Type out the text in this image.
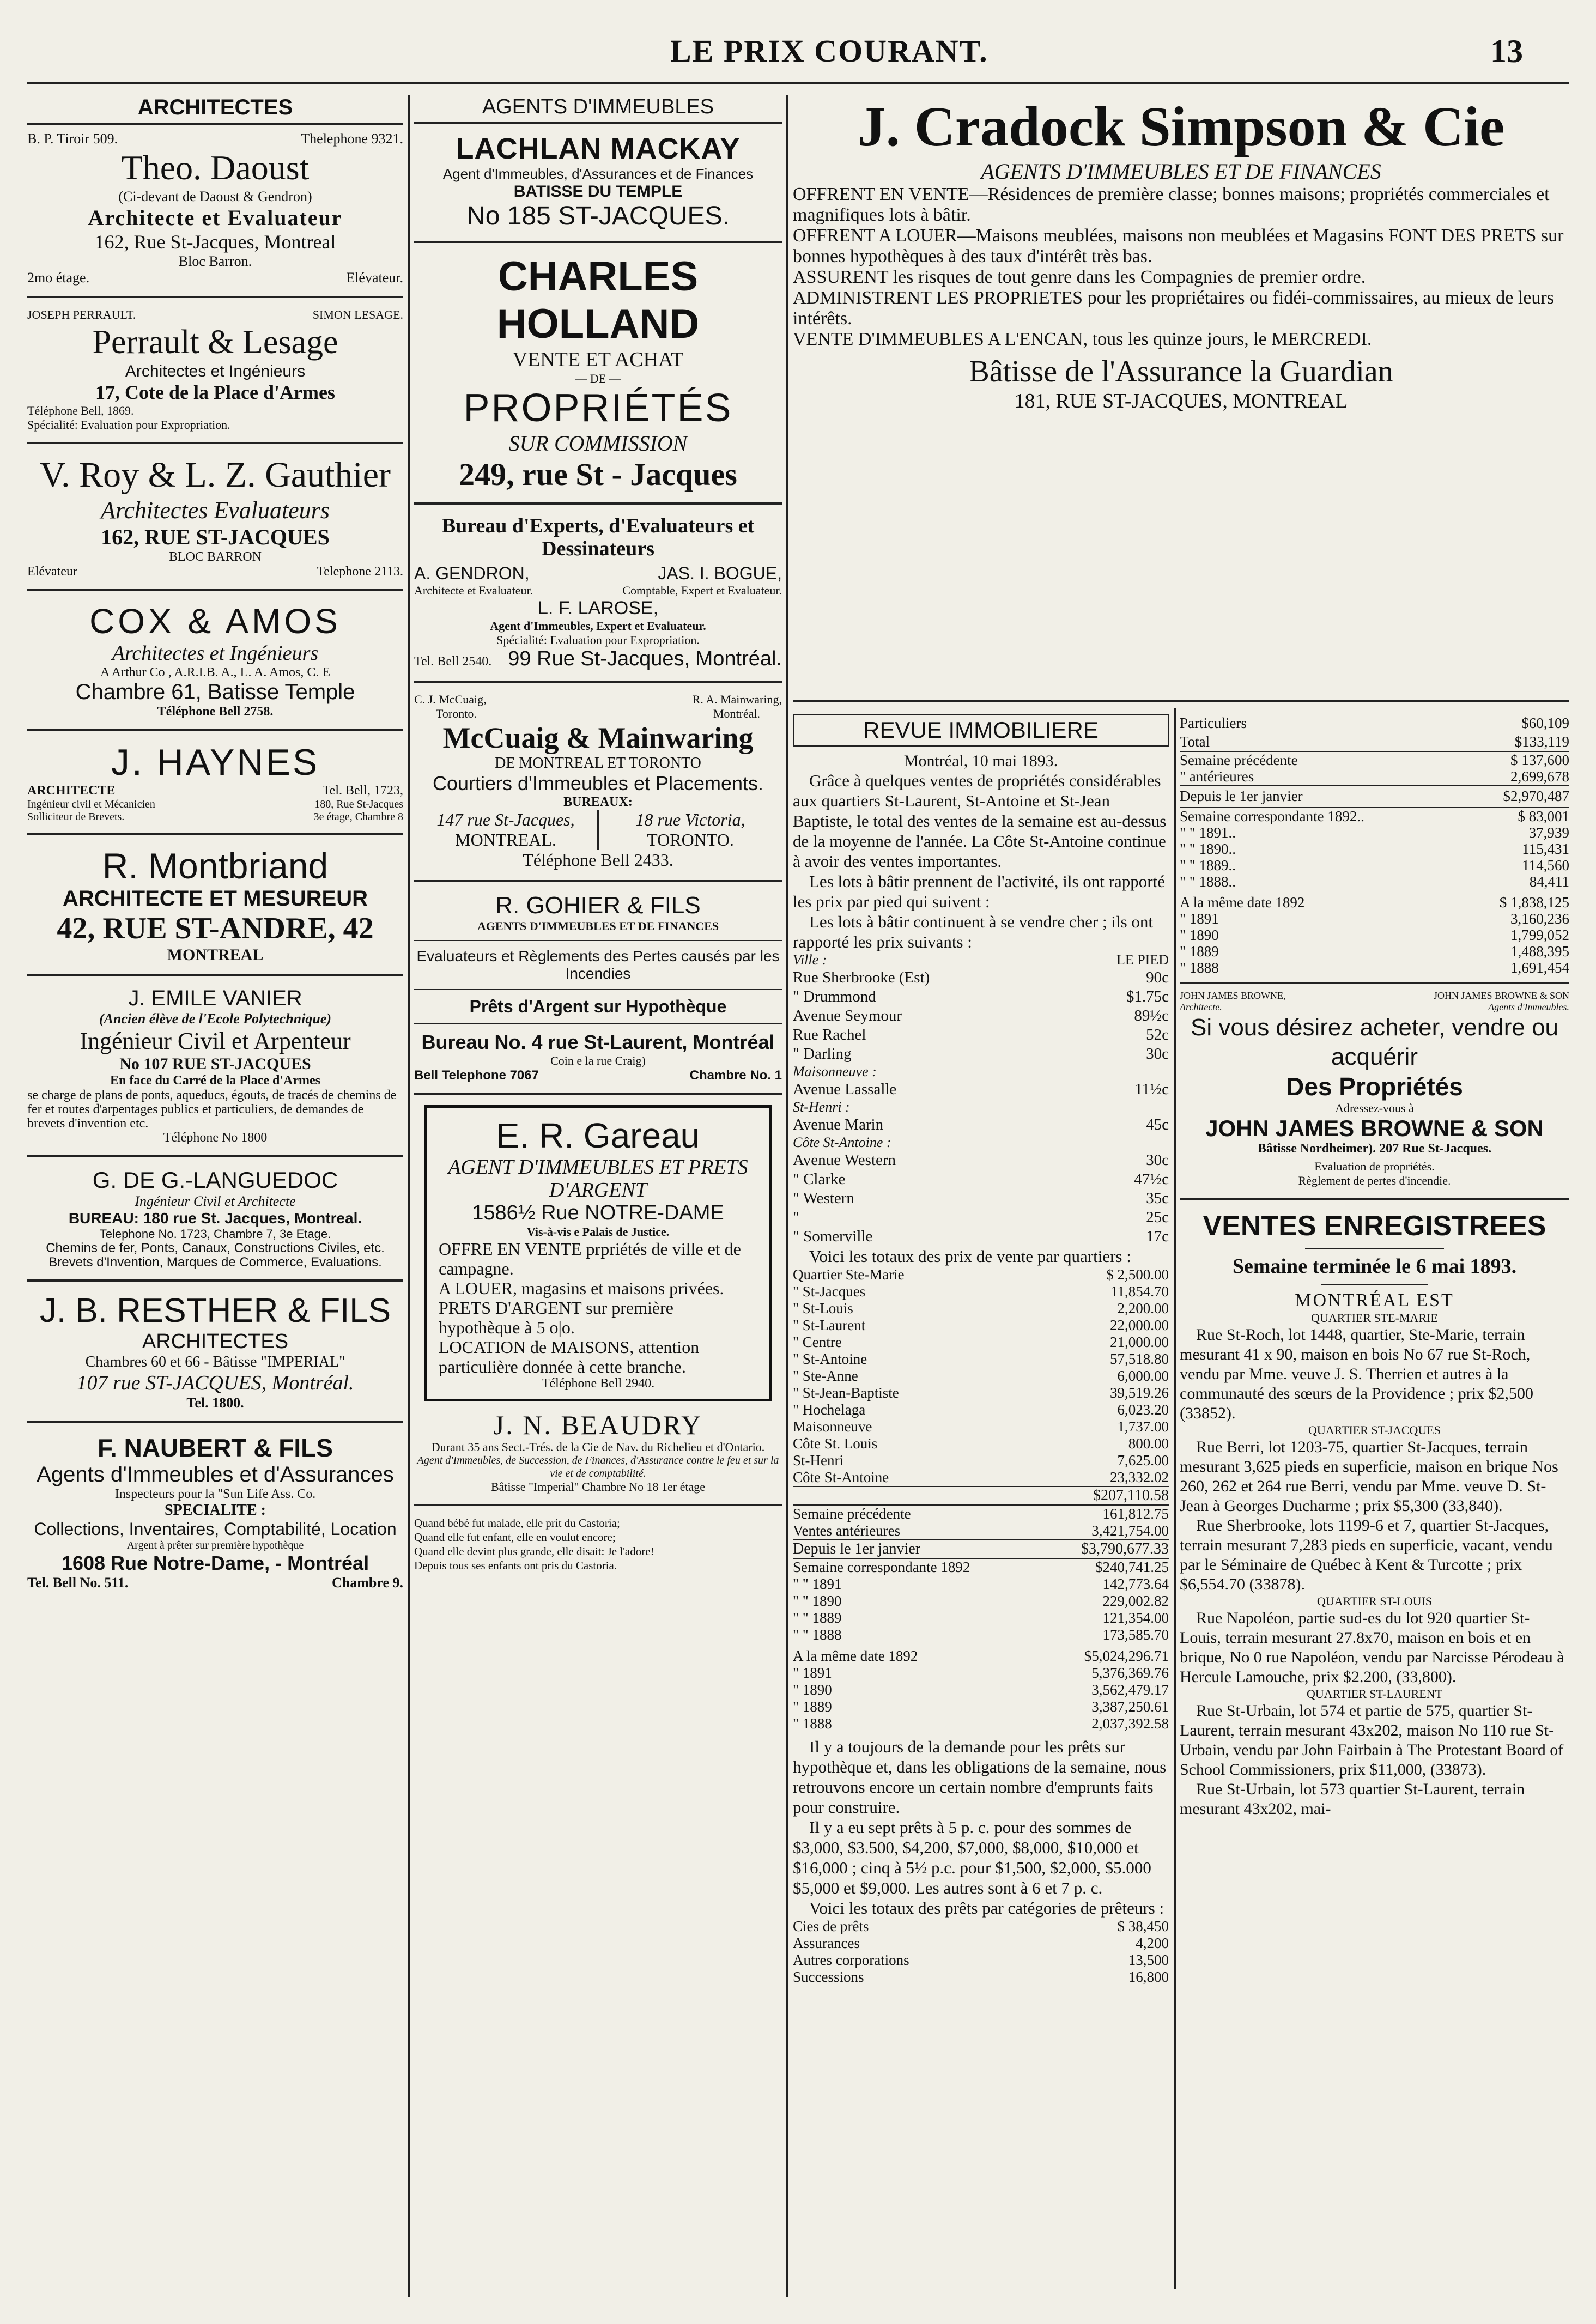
LE PRIX COURANT.	13
ARCHITECTES
B. P. Tiroir 509.	Thelephone 9321.
Theo. Daoust
(Ci-devant de Daoust & Gendron)
Architecte et Evaluateur
162, Rue St-Jacques, Montreal
Bloc Barron.
2mo étage.	Elévateur.
JOSEPH PERRAULT.	SIMON LESAGE.
Perrault & Lesage
Architectes et Ingénieurs
17, Cote de la Place d'Armes
Téléphone Bell, 1869.
Spécialité: Evaluation pour Expropriation.
V. Roy & L. Z. Gauthier
Architectes Evaluateurs
162, RUE ST-JACQUES
BLOC BARRON
Elévateur	Telephone 2113.
COX & AMOS
Architectes et Ingénieurs
A Arthur Co , A.R.I.B. A., L. A. Amos, C. E
Chambre 61, Batisse Temple
Téléphone Bell 2758.
J. HAYNES
ARCHITECTE	Tel. Bell, 1723,
Ingénieur civil et Mécanicien	180, Rue St-Jacques
Solliciteur de Brevets.	3e étage, Chambre 8
R. Montbriand
ARCHITECTE ET MESUREUR
42, RUE ST-ANDRE, 42
MONTREAL
J. EMILE VANIER
(Ancien élève de l'Ecole Polytechnique)
Ingénieur Civil et Arpenteur
No 107 RUE ST-JACQUES
En face du Carré de la Place d'Armes
se charge de plans de ponts, aqueducs, égouts, de tracés de chemins de fer et routes d'arpentages publics et particuliers, de demandes de brevets d'invention etc.
Téléphone No 1800
G. DE G.-LANGUEDOC
Ingénieur Civil et Architecte
BUREAU: 180 rue St. Jacques, Montreal.
Telephone No. 1723, Chambre 7, 3e Etage.
Chemins de fer, Ponts, Canaux, Constructions Civiles, etc. Brevets d'Invention, Marques de Commerce, Evaluations.
J. B. RESTHER & FILS
ARCHITECTES
Chambres 60 et 66 - Bâtisse "IMPERIAL"
107 rue ST-JACQUES, Montréal.
Tel. 1800.
F. NAUBERT & FILS
Agents d'Immeubles et d'Assurances
Inspecteurs pour la "Sun Life Ass. Co.
SPECIALITE :
Collections, Inventaires, Comptabilité, Location
Argent à prêter sur première hypothèque
1608 Rue Notre-Dame, - Montréal
Tel. Bell No. 511.	Chambre 9.
AGENTS D'IMMEUBLES
LACHLAN MACKAY
Agent d'Immeubles, d'Assurances et de Finances
BATISSE DU TEMPLE
No 185 ST-JACQUES.
CHARLES HOLLAND
VENTE ET ACHAT
— DE —
PROPRIÉTÉS
SUR COMMISSION
249, rue St - Jacques
Bureau d'Experts, d'Evaluateurs et Dessinateurs
A. GENDRON,	JAS. I. BOGUE,
Architecte et Evaluateur.	Comptable, Expert et Evaluateur.
L. F. LAROSE,
Agent d'Immeubles, Expert et Evaluateur.
Spécialité: Evaluation pour Expropriation.
Tel. Bell 2540. 99 Rue St-Jacques, Montréal.
C. J. McCuaig,	R. A. Mainwaring,
Toronto.	Montréal.
McCuaig & Mainwaring
DE MONTREAL ET TORONTO
Courtiers d'Immeubles et Placements.
BUREAUX:
147 rue St-Jacques,
MONTREAL.
18 rue Victoria,
TORONTO.
Téléphone Bell 2433.
R. GOHIER & FILS
AGENTS D'IMMEUBLES ET DE FINANCES
Evaluateurs et Règlements des Pertes causés par les Incendies
Prêts d'Argent sur Hypothèque
Bureau No. 4 rue St-Laurent, Montréal
Coin e la rue Craig)
Bell Telephone 7067	Chambre No. 1
E. R. Gareau
AGENT D'IMMEUBLES ET PRETS D'ARGENT
1586½ Rue NOTRE-DAME
Vis-à-vis e Palais de Justice.
OFFRE EN VENTE prpriétés de ville et de campagne.
A LOUER, magasins et maisons privées.
PRETS D'ARGENT sur première hypothèque à 5 o|o.
LOCATION de MAISONS, attention particulière donnée à cette branche.
Téléphone Bell 2940.
J. N. BEAUDRY
Durant 35 ans Sect.-Trés. de la Cie de Nav. du Richelieu et d'Ontario.
Agent d'Immeubles, de Succession, de Finances, d'Assurance contre le feu et sur la vie et de comptabilité.
Bâtisse "Imperial" Chambre No 18 1er étage
Quand bébé fut malade, elle prit du Castoria;
Quand elle fut enfant, elle en voulut encore;
Quand elle devint plus grande, elle disait: Je l'adore!
Depuis tous ses enfants ont pris du Castoria.
J. Cradock Simpson & Cie
AGENTS D'IMMEUBLES ET DE FINANCES
OFFRENT EN VENTE—Résidences de première classe; bonnes maisons; propriétés commerciales et magnifiques lots à bâtir.
OFFRENT A LOUER—Maisons meublées, maisons non meublées et Magasins FONT DES PRETS sur bonnes hypothèques à des taux d'intérêt très bas.
ASSURENT les risques de tout genre dans les Compagnies de premier ordre.
ADMINISTRENT LES PROPRIETES pour les propriétaires ou fidéi-commissaires, au mieux de leurs intérêts.
VENTE D'IMMEUBLES A L'ENCAN, tous les quinze jours, le MERCREDI.
Bâtisse de l'Assurance la Guardian
181, RUE ST-JACQUES, MONTREAL
REVUE IMMOBILIERE
Montréal, 10 mai 1893.

Grâce à quelques ventes de propriétés considérables aux quartiers St-Laurent, St-Antoine et St-Jean Baptiste, le total des ventes de la semaine est au-dessus de la moyenne de l'année. La Côte St-Antoine continue à avoir des ventes importantes.

Les lots à bâtir prennent de l'activité, ils ont rapporté les prix par pied qui suivent :

Les lots à bâtir continuent à se vendre cher ; ils ont rapporté les prix suivants :

Ville :	LE PIED
Rue Sherbrooke (Est)	90c
" Drummond	$1.75c
Avenue Seymour	89½c
Rue Rachel	52c
" Darling	30c
Maisonneuve :
Avenue Lassalle	11½c
St-Henri :
Avenue Marin	45c
Côte St-Antoine :
Avenue Western	30c
" Clarke	47½c
" Western	35c
"	25c
" Somerville	17c

Voici les totaux des prix de vente par quartiers :

Quartier Ste-Marie	$ 2,500.00
" St-Jacques	11,854.70
" St-Louis	2,200.00
" St-Laurent	22,000.00
" Centre	21,000.00
" St-Antoine	57,518.80
" Ste-Anne	6,000.00
" St-Jean-Baptiste	39,519.26
" Hochelaga	6,023.20
Maisonneuve	1,737.00
Côte St. Louis	800.00
St-Henri	7,625.00
Côte St-Antoine	23,332.02
$207,110.58
Semaine précédente	161,812.75
Ventes antérieures	3,421,754.00
Depuis le 1er janvier	$3,790,677.33
Semaine correspondante 1892	$240,741.25
" " 1891	142,773.64
" " 1890	229,002.82
" " 1889	121,354.00
" " 1888	173,585.70
A la même date 1892	$5,024,296.71
" 1891	5,376,369.76
" 1890	3,562,479.17
" 1889	3,387,250.61
" 1888	2,037,392.58

Il y a toujours de la demande pour les prêts sur hypothèque et, dans les obligations de la semaine, nous retrouvons encore un certain nombre d'emprunts faits pour construire.

Il y a eu sept prêts à 5 p. c. pour des sommes de $3,000, $3.500, $4,200, $7,000, $8,000, $10,000 et $16,000 ; cinq à 5½ p.c. pour $1,500, $2,000, $5.000 $5,000 et $9,000. Les autres sont à 6 et 7 p. c.

Voici les totaux des prêts par catégories de prêteurs :

Cies de prêts	$ 38,450
Assurances	4,200
Autres corporations	13,500
Successions	16,800
Particuliers	$60,109
Total	$133,119
Semaine précédente	$ 137,600
" antérieures	2,699,678
Depuis le 1er janvier	$2,970,487
Semaine correspondante 1892..	$ 83,001
" " 1891..	37,939
" " 1890..	115,431
" " 1889..	114,560
" " 1888..	84,411
A la même date 1892	$ 1,838,125
" 1891	3,160,236
" 1890	1,799,052
" 1889	1,488,395
" 1888	1,691,454
JOHN JAMES BROWNE,	JOHN JAMES BROWNE & SON
Architecte.	Agents d'Immeubles.
Si vous désirez acheter, vendre ou acquérir
Des Propriétés
Adressez-vous à
JOHN JAMES BROWNE & SON
Bâtisse Nordheimer). 207 Rue St-Jacques.
Evaluation de propriétés.
Règlement de pertes d'incendie.
VENTES ENREGISTREES
Semaine terminée le 6 mai 1893.
MONTRÉAL EST
QUARTIER STE-MARIE

Rue St-Roch, lot 1448, quartier, Ste-Marie, terrain mesurant 41 x 90, maison en bois No 67 rue St-Roch, vendu par Mme. veuve J. S. Therrien et autres à la communauté des sœurs de la Providence ; prix $2,500 (33852).

QUARTIER ST-JACQUES

Rue Berri, lot 1203-75, quartier St-Jacques, terrain mesurant 3,625 pieds en superficie, maison en brique Nos 260, 262 et 264 rue Berri, vendu par Mme. veuve D. St-Jean à Georges Ducharme ; prix $5,300 (33,840).

Rue Sherbrooke, lots 1199-6 et 7, quartier St-Jacques, terrain mesurant 7,283 pieds en superficie, vacant, vendu par le Séminaire de Québec à Kent & Turcotte ; prix $6,554.70 (33878).

QUARTIER ST-LOUIS

Rue Napoléon, partie sud-es du lot 920 quartier St-Louis, terrain mesurant 27.8x70, maison en bois et en brique, No 0 rue Napoléon, vendu par Narcisse Pérodeau à Hercule Lamouche, prix $2.200, (33,800).

QUARTIER ST-LAURENT

Rue St-Urbain, lot 574 et partie de 575, quartier St-Laurent, terrain mesurant 43x202, maison No 110 rue St-Urbain, vendu par John Fairbain à The Protestant Board of School Commissioners, prix $11,000, (33873).

Rue St-Urbain, lot 573 quartier St-Laurent, terrain mesurant 43x202, mai-
